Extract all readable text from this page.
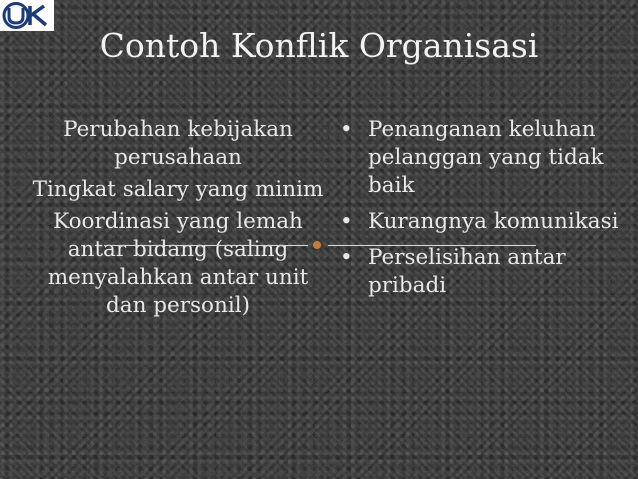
Contoh Konflik Organisasi

Perubahan kebijakan perusahaan

Tingkat salary yang minim

Koordinasi yang lemah antar bidang (saling menyalahkan antar unit dan personil)

• Penanganan keluhan pelanggan yang tidak baik
• Kurangnya komunikasi
• Perselisihan antar pribadi
